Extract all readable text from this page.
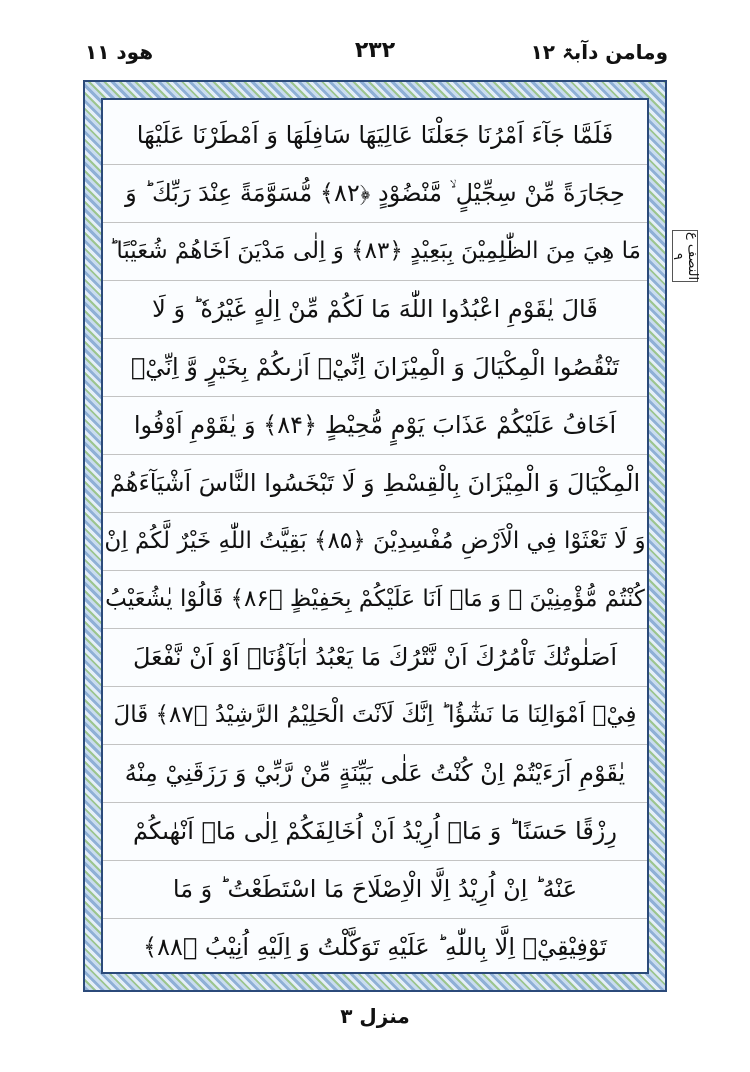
ومامن دآبۃ ۱۲
۲۳۲
ھود ۱۱
فَلَمَّا جَآءَ اَمْرُنَا جَعَلْنَا عَالِيَهَا سَافِلَهَا وَ اَمْطَرْنَا عَلَيْهَا
حِجَارَةً مِّنْ سِجِّيْلٍ ۙ مَّنْضُوْدٍ ﴿۸۲﴾ مُّسَوَّمَةً عِنْدَ رَبِّكَ ؕ وَ
مَا هِيَ مِنَ الظّٰلِمِيْنَ بِبَعِيْدٍ ﴿۸۳﴾ وَ اِلٰى مَدْيَنَ اَخَاهُمْ شُعَيْبًا ؕ
قَالَ يٰقَوْمِ اعْبُدُوا اللّٰهَ مَا لَكُمْ مِّنْ اِلٰهٍ غَيْرُهٗ ؕ وَ لَا
تَنْقُصُوا الْمِكْيَالَ وَ الْمِيْزَانَ اِنِّيْۤ اَرٰىكُمْ بِخَيْرٍ وَّ اِنِّيْۤ
اَخَافُ عَلَيْكُمْ عَذَابَ يَوْمٍ مُّحِيْطٍ ﴿۸۴﴾ وَ يٰقَوْمِ اَوْفُوا
الْمِكْيَالَ وَ الْمِيْزَانَ بِالْقِسْطِ وَ لَا تَبْخَسُوا النَّاسَ اَشْيَآءَهُمْ
وَ لَا تَعْثَوْا فِي الْاَرْضِ مُفْسِدِيْنَ ﴿۸۵﴾ بَقِيَّتُ اللّٰهِ خَيْرٌ لَّكُمْ اِنْ
كُنْتُمْ مُّؤْمِنِيْنَ ۚ وَ مَاۤ اَنَا عَلَيْكُمْ بِحَفِيْظٍ ﴿۸۶﴾ قَالُوْا يٰشُعَيْبُ
اَصَلٰوتُكَ تَاْمُرُكَ اَنْ نَّتْرُكَ مَا يَعْبُدُ اٰبَآؤُنَاۤ اَوْ اَنْ نَّفْعَلَ
فِيْۤ اَمْوَالِنَا مَا نَشٰٓؤُا ؕ اِنَّكَ لَاَنْتَ الْحَلِيْمُ الرَّشِيْدُ ﴿۸۷﴾ قَالَ
يٰقَوْمِ اَرَءَيْتُمْ اِنْ كُنْتُ عَلٰى بَيِّنَةٍ مِّنْ رَّبِّيْ وَ رَزَقَنِيْ مِنْهُ
رِزْقًا حَسَنًا ؕ وَ مَاۤ اُرِيْدُ اَنْ اُخَالِفَكُمْ اِلٰى مَاۤ اَنْهٰىكُمْ
عَنْهُ ؕ اِنْ اُرِيْدُ اِلَّا الْاِصْلَاحَ مَا اسْتَطَعْتُ ؕ وَ مَا
تَوْفِيْقِيْۤ اِلَّا بِاللّٰهِ ؕ عَلَيْهِ تَوَكَّلْتُ وَ اِلَيْهِ اُنِيْبُ ﴿۸۸﴾
النصف ع ۹
منزل ۳
